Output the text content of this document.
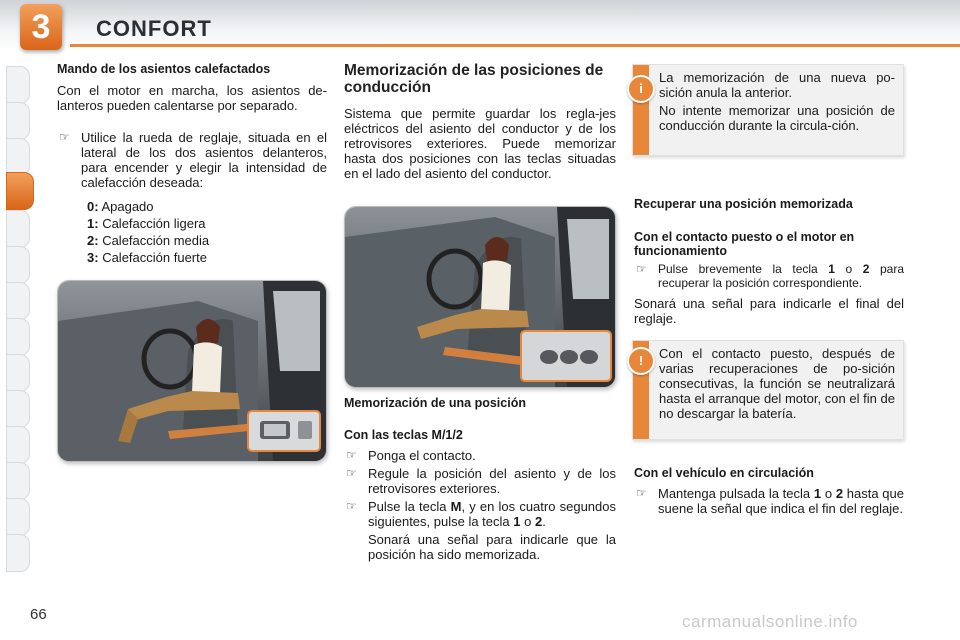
3	CONFORT
Mando de los asientos calefactados
Con el motor en marcha, los asientos de-lanteros pueden calentarse por separado.
☞ Utilice la rueda de reglaje, situada en el lateral de los dos asientos delanteros, para encender y elegir la intensidad de calefacción deseada:
0: Apagado
1: Calefacción ligera
2: Calefacción media
3: Calefacción fuerte
Memorización de las posiciones de conducción
Sistema que permite guardar los regla-jes eléctricos del asiento del conductor y de los retrovisores exteriores. Puede memorizar hasta dos posiciones con las teclas situadas en el lado del asiento del conductor.
Memorización de una posición
Con las teclas M/1/2
☞ Ponga el contacto.
☞ Regule la posición del asiento y de los retrovisores exteriores.
☞ Pulse la tecla M, y en los cuatro segundos siguientes, pulse la tecla 1 o 2.
Sonará una señal para indicarle que la posición ha sido memorizada.
i

La memorización de una nueva po-sición anula la anterior.

No intente memorizar una posición de conducción durante la circula-ción.

Recuperar una posición memorizada
Con el contacto puesto o el motor en funcionamiento
☞ Pulse brevemente la tecla 1 o 2 para recuperar la posición correspondiente.
Sonará una señal para indicarle el final del reglaje.
!	Con el contacto puesto, después de varias recuperaciones de po-sición consecutivas, la función se neutralizará hasta el arranque del motor, con el fin de no descargar la batería.

Con el vehículo en circulación
☞ Mantenga pulsada la tecla 1 o 2 hasta que suene la señal que indica el fin del reglaje.
66	carmanualsonline.info
